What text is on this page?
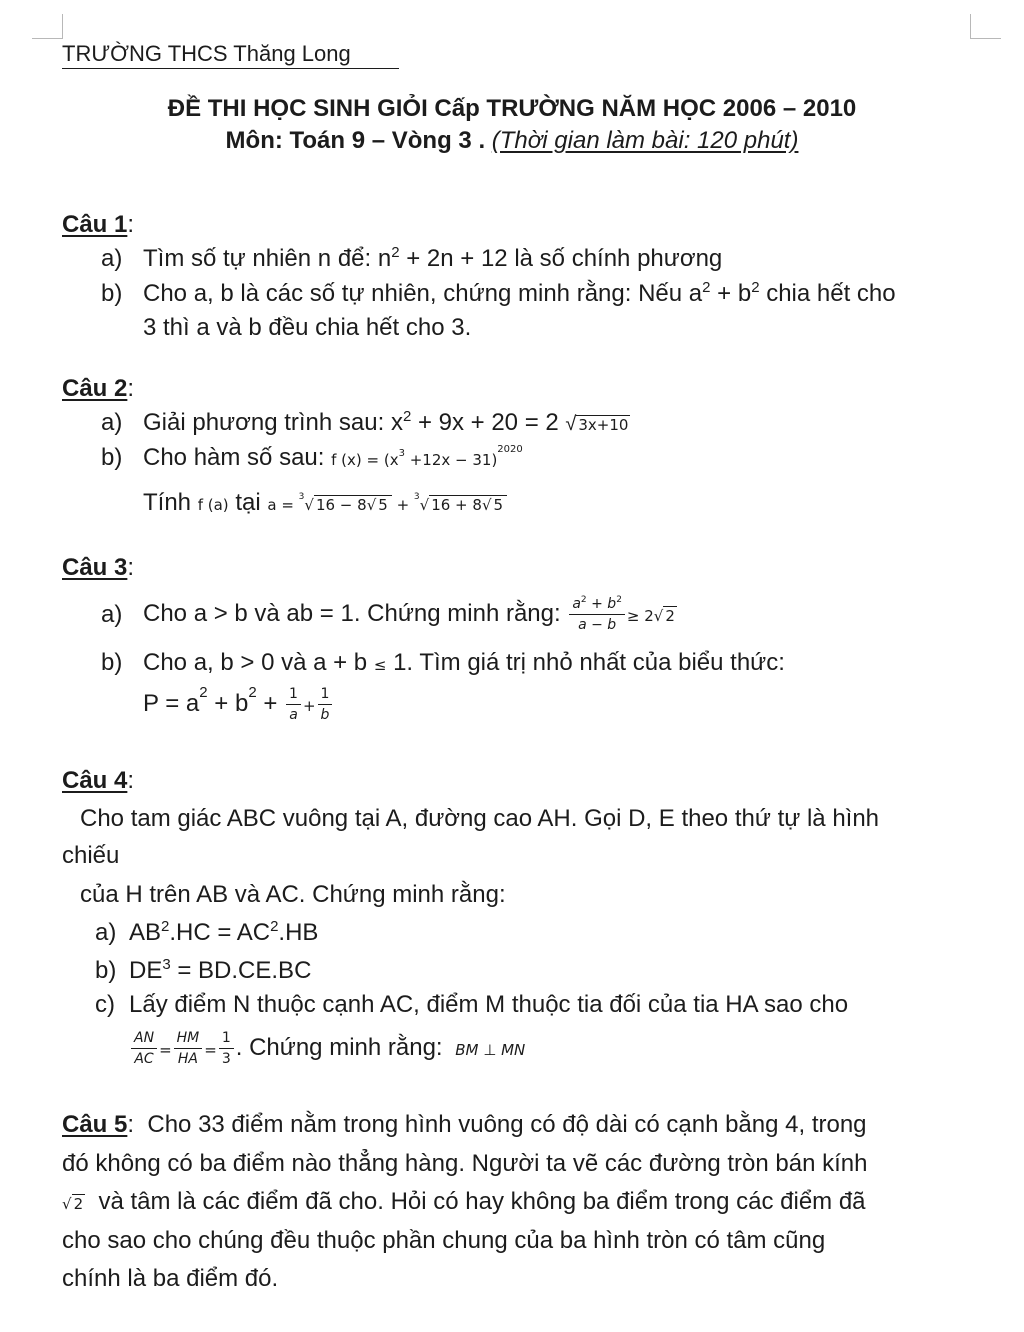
TRƯỜNG THCS Thăng Long
ĐỀ THI HỌC SINH GIỎI Cấp TRƯỜNG NĂM HỌC 2006 – 2010
Môn: Toán 9 – Vòng 3 . (Thời gian làm bài: 120 phút)
Câu 1:
a) Tìm số tự nhiên n để: $n^2 + 2n + 12$ là số chính phương
b) Cho a, b là các số tự nhiên, chứng minh rằng: Nếu $a^2 + b^2$ chia hết cho
3 thì a và b đều chia hết cho 3.
Câu 2:
a) Giải phương trình sau: $x^2 + 9x + 20 = 2$ √ 3x+10
b) Cho hàm số sau: f $(x) = (x^3 +12x - 31)^{2020}$
Tính f (a) tại a = $^3$√ 16 − 8√ 5 + $^3$√ 16 + 8√ 5
Câu 3:
a) Cho a > b và ab = 1. Chứng minh rằng: $\frac{a^2 + b^2}{a - b} \ge 2√$ 2
b) Cho a, b > 0 và a + b ≤ 1. Tìm giá trị nhỏ nhất của biểu thức:
$P = a^2 + b^2 + \frac{1}{a} + \frac{1}{b}$
Câu 4:
Cho tam giác ABC vuông tại A, đường cao AH. Gọi D, E theo thứ tự là hình
chiếu
của H trên AB và AC. Chứng minh rằng:
a) $AB^2.HC = AC^2.HB$
b) $DE^3 = BD.CE.BC$
c) Lấy điểm N thuộc cạnh AC, điểm M thuộc tia đối của tia HA sao cho
$\frac{AN}{AC} = \frac{HM}{HA} = \frac{1}{3}$ . Chứng minh rằng: BM ⊥ MN
Câu 5:  Cho 33 điểm nằm trong hình vuông có độ dài có cạnh bằng 4, trong
đó không có ba điểm nào thẳng hàng. Người ta vẽ các đường tròn bán kính
√ 2 và tâm là các điểm đã cho. Hỏi có hay không ba điểm trong các điểm đã
cho sao cho chúng đều thuộc phần chung của ba hình tròn có tâm cũng
chính là ba điểm đó.
